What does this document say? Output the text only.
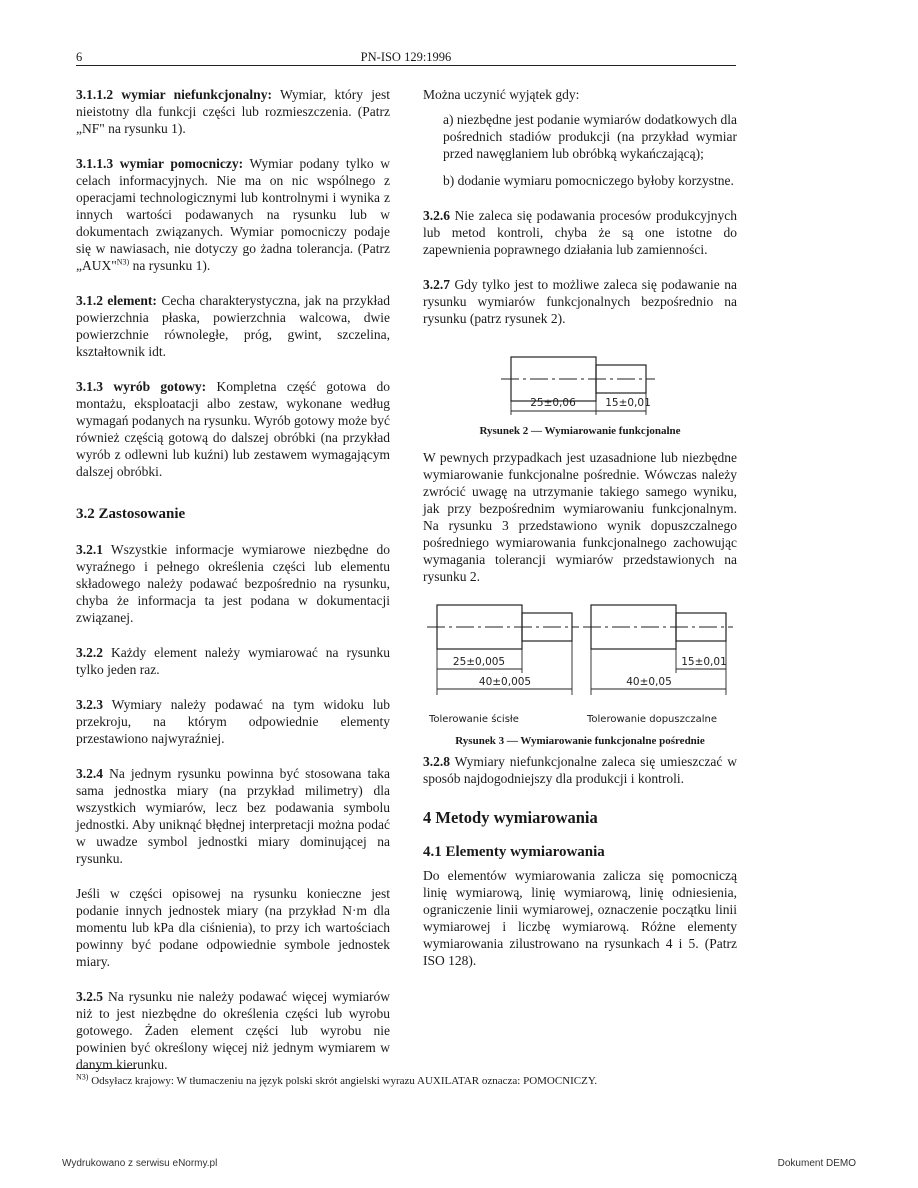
6	PN-ISO 129:1996

3.1.1.2 wymiar niefunkcjonalny: Wymiar, który jest nieistotny dla funkcji części lub rozmieszczenia. (Patrz „NF" na rysunku 1).

3.1.1.3 wymiar pomocniczy: Wymiar podany tylko w celach informacyjnych. Nie ma on nic wspólnego z operacjami technologicznymi lub kontrolnymi i wynika z innych wartości podawanych na rysunku lub w dokumentach związanych. Wymiar pomocniczy podaje się w nawiasach, nie dotyczy go żadna tolerancja. (Patrz „AUX"$^{N3)}$ na rysunku 1).

3.1.2 element: Cecha charakterystyczna, jak na przykład powierzchnia płaska, powierzchnia walcowa, dwie powierzchnie równoległe, próg, gwint, szczelina, kształtownik idt.

3.1.3 wyrób gotowy: Kompletna część gotowa do montażu, eksploatacji albo zestaw, wykonane według wymagań podanych na rysunku. Wyrób gotowy może być również częścią gotową do dalszej obróbki (na przykład wyrób z odlewni lub kuźni) lub zestawem wymagającym dalszej obróbki.

3.2 Zastosowanie

3.2.1 Wszystkie informacje wymiarowe niezbędne do wyraźnego i pełnego określenia części lub elementu składowego należy podawać bezpośrednio na rysunku, chyba że informacja ta jest podana w dokumentacji związanej.

3.2.2 Każdy element należy wymiarować na rysunku tylko jeden raz.

3.2.3 Wymiary należy podawać na tym widoku lub przekroju, na którym odpowiednie elementy przestawiono najwyraźniej.

3.2.4 Na jednym rysunku powinna być stosowana taka sama jednostka miary (na przykład milimetry) dla wszystkich wymiarów, lecz bez podawania symbolu jednostki. Aby uniknąć błędnej interpretacji można podać w uwadze symbol jednostki miary dominującej na rysunku.

Jeśli w części opisowej na rysunku konieczne jest podanie innych jednostek miary (na przykład N·m dla momentu lub kPa dla ciśnienia), to przy ich wartościach powinny być podane odpowiednie symbole jednostek miary.

3.2.5 Na rysunku nie należy podawać więcej wymiarów niż to jest niezbędne do określenia części lub wyrobu gotowego. Żaden element części lub wyrobu nie powinien być określony więcej niż jednym wymiarem w danym kierunku.

Można uczynić wyjątek gdy:

a) niezbędne jest podanie wymiarów dodatkowych dla pośrednich stadiów produkcji (na przykład wymiar przed nawęglaniem lub obróbką wykańczającą);

b) dodanie wymiaru pomocniczego byłoby korzystne.

3.2.6 Nie zaleca się podawania procesów produkcyjnych lub metod kontroli, chyba że są one istotne do zapewnienia poprawnego działania lub zamienności.

3.2.7 Gdy tylko jest to możliwe zaleca się podawanie na rysunku wymiarów funkcjonalnych bezpośrednio na rysunku (patrz rysunek 2).

25±0,06	15±0,01
Rysunek 2 — Wymiarowanie funkcjonalne

W pewnych przypadkach jest uzasadnione lub niezbędne wymiarowanie funkcjonalne pośrednie. Wówczas należy zwrócić uwagę na utrzymanie takiego samego wyniku, jak przy bezpośrednim wymiarowaniu funkcjonalnym. Na rysunku 3 przedstawiono wynik dopuszczalnego pośredniego wymiarowania funkcjonalnego zachowując wymagania tolerancji wymiarów przedstawionych na rysunku 2.

25±0,005
40±0,005
15±0,01
40±0,05
Tolerowanie ścisłe	Tolerowanie dopuszczalne
Rysunek 3 — Wymiarowanie funkcjonalne pośrednie

3.2.8 Wymiary niefunkcjonalne zaleca się umieszczać w sposób najdogodniejszy dla produkcji i kontroli.

4 Metody wymiarowania
4.1 Elementy wymiarowania

Do elementów wymiarowania zalicza się pomocniczą linię wymiarową, linię wymiarową, linię odniesienia, ograniczenie linii wymiarowej, oznaczenie początku linii wymiarowej i liczbę wymiarową. Różne elementy wymiarowania zilustrowano na rysunkach 4 i 5. (Patrz ISO 128).

$^{N3)}$ Odsyłacz krajowy: W tłumaczeniu na język polski skrót angielski wyrazu AUXILATAR oznacza: POMOCNICZY.
Wydrukowano z serwisu eNormy.pl	Dokument DEMO
